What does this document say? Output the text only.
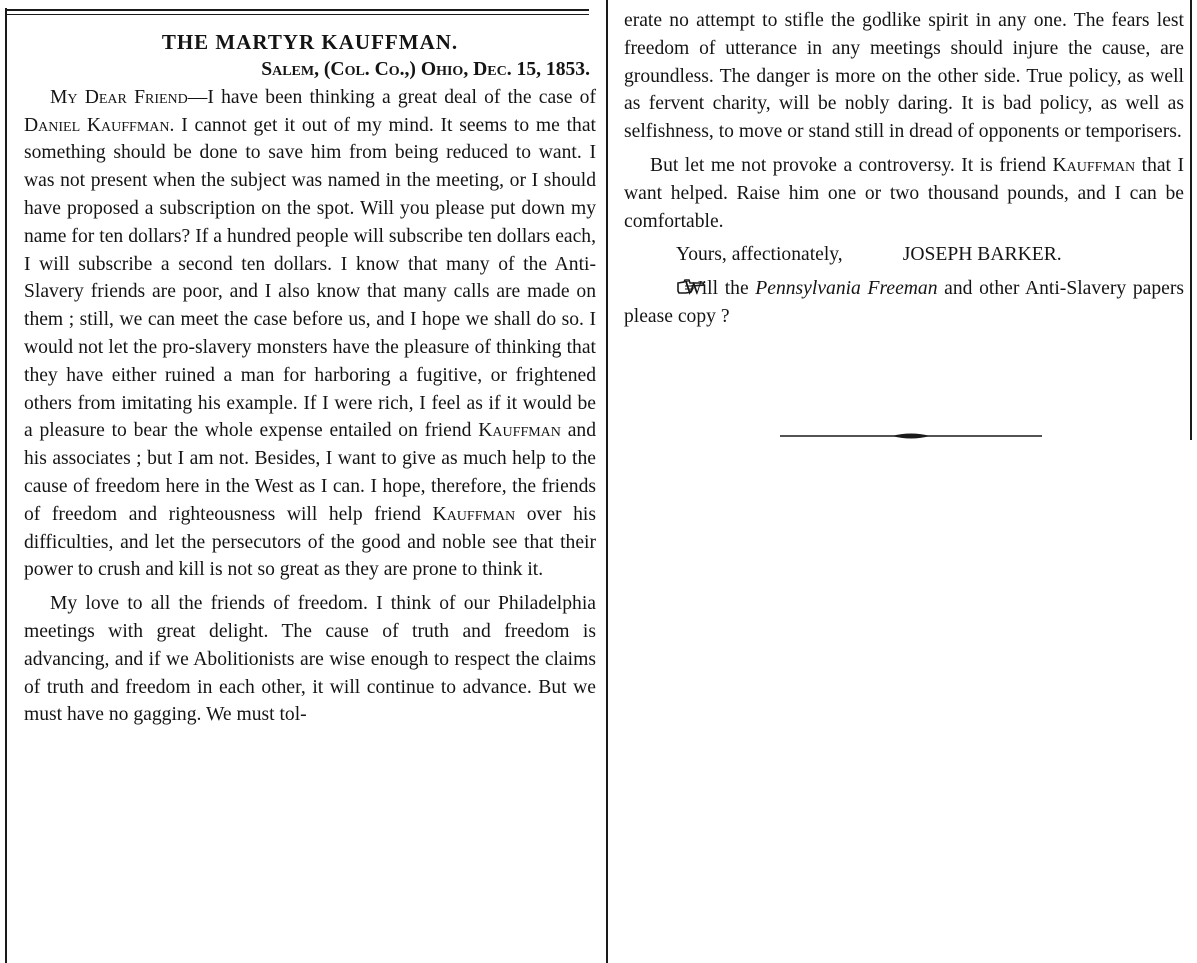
THE MARTYR KAUFFMAN.

Salem, (Col. Co.,) Ohio, Dec. 15, 1853.

My Dear Friend—I have been thinking a great deal of the case of Daniel Kauffman. I cannot get it out of my mind. It seems to me that something should be done to save him from being reduced to want. I was not present when the subject was named in the meeting, or I should have proposed a subscription on the spot. Will you please put down my name for ten dollars? If a hundred people will subscribe ten dollars each, I will subscribe a second ten dollars. I know that many of the Anti-Slavery friends are poor, and I also know that many calls are made on them ; still, we can meet the case before us, and I hope we shall do so. I would not let the pro-slavery monsters have the pleasure of thinking that they have either ruined a man for harboring a fugitive, or frightened others from imitating his example. If I were rich, I feel as if it would be a pleasure to bear the whole expense entailed on friend Kauffman and his associates ; but I am not. Besides, I want to give as much help to the cause of freedom here in the West as I can. I hope, therefore, the friends of freedom and righteousness will help friend Kauffman over his difficulties, and let the persecutors of the good and noble see that their power to crush and kill is not so great as they are prone to think it.

My love to all the friends of freedom. I think of our Philadelphia meetings with great delight. The cause of truth and freedom is advancing, and if we Abolitionists are wise enough to respect the claims of truth and freedom in each other, it will continue to advance. But we must have no gagging. We must tol-

erate no attempt to stifle the godlike spirit in any one. The fears lest freedom of utterance in any meetings should injure the cause, are groundless. The danger is more on the other side. True policy, as well as fervent charity, will be nobly daring. It is bad policy, as well as selfishness, to move or stand still in dread of opponents or temporisers.

But let me not provoke a controversy. It is friend Kauffman that I want helped. Raise him one or two thousand pounds, and I can be comfortable.

Yours, affectionately,	JOSEPH BARKER.

Will the Pennsylvania Freeman and other Anti-Slavery papers please copy ?
